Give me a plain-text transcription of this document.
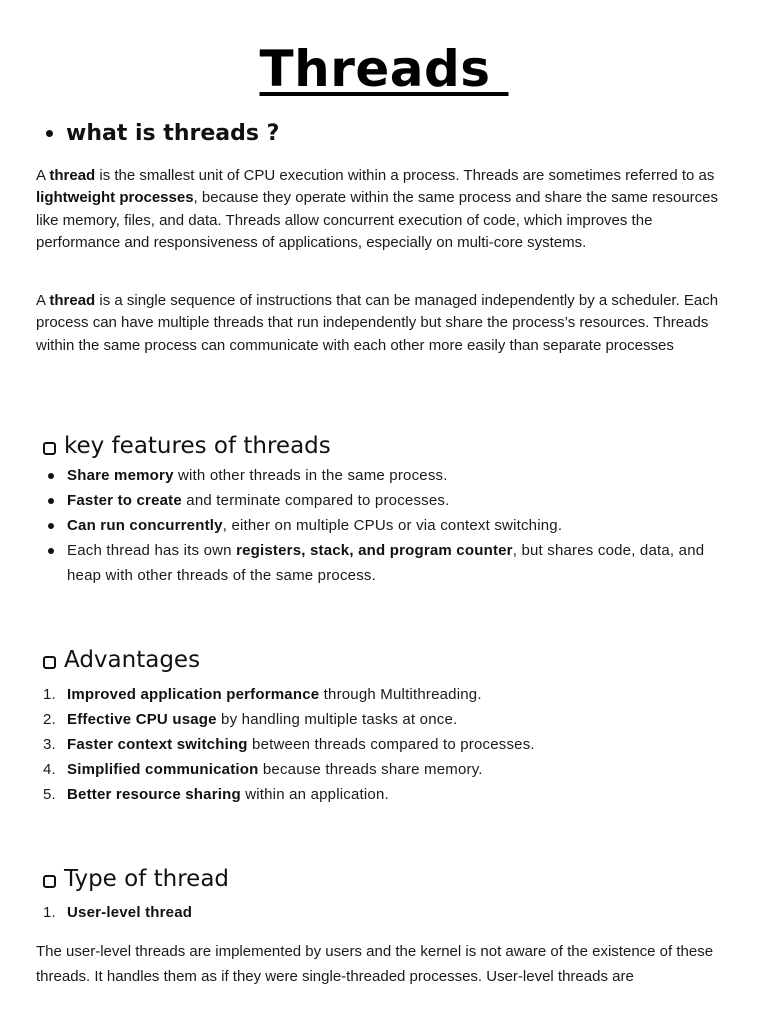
Threads
what is threads ?

A thread is the smallest unit of CPU execution within a process. Threads are sometimes referred to as lightweight processes, because they operate within the same process and share the same resources like memory, files, and data. Threads allow concurrent execution of code, which improves the performance and responsiveness of applications, especially on multi-core systems.

A thread is a single sequence of instructions that can be managed independently by a scheduler. Each process can have multiple threads that run independently but share the process’s resources. Threads within the same process can communicate with each other more easily than separate processes

key features of threads
Share memory with other threads in the same process.
Faster to create and terminate compared to processes.
Can run concurrently, either on multiple CPUs or via context switching.
Each thread has its own registers, stack, and program counter, but shares code, data, and heap with other threads of the same process.
Advantages
1. Improved application performance through Multithreading.
2. Effective CPU usage by handling multiple tasks at once.
3. Faster context switching between threads compared to processes.
4. Simplified communication because threads share memory.
5. Better resource sharing within an application.
Type of thread
1. User-level thread

The user-level threads are implemented by users and the kernel is not aware of the existence of these threads. It handles them as if they were single-threaded processes. User-level threads are
